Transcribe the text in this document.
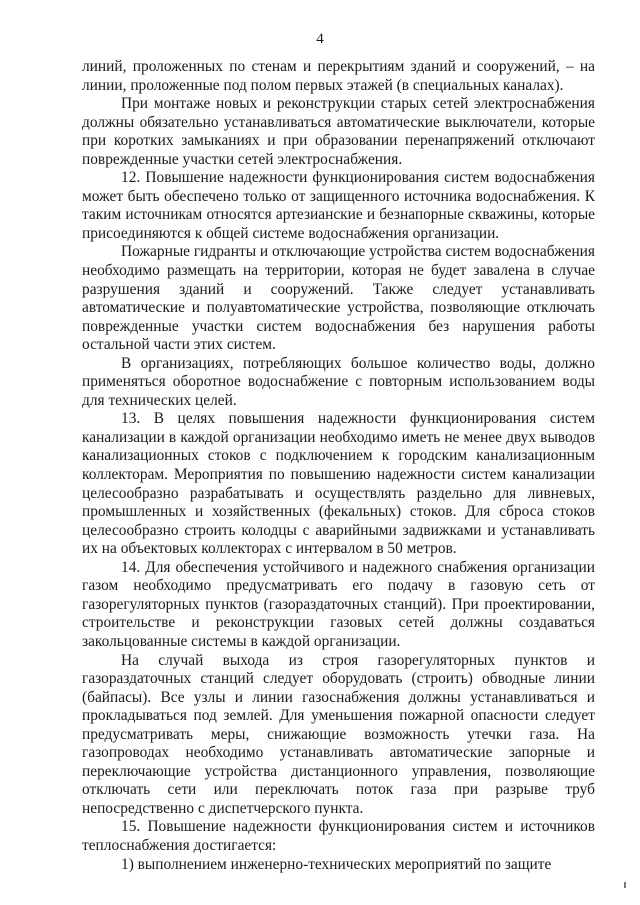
4

линий, проложенных по стенам и перекрытиям зданий и сооружений, – на линии, проложенные под полом первых этажей (в специальных каналах).

При монтаже новых и реконструкции старых сетей электроснабжения должны обязательно устанавливаться автоматические выключатели, которые при коротких замыканиях и при образовании перенапряжений отключают поврежденные участки сетей электроснабжения.

12. Повышение надежности функционирования систем водоснабжения может быть обеспечено только от защищенного источника водоснабжения. К таким источникам относятся артезианские и безнапорные скважины, которые присоединяются к общей системе водоснабжения организации.

Пожарные гидранты и отключающие устройства систем водоснабжения необходимо размещать на территории, которая не будет завалена в случае разрушения зданий и сооружений. Также следует устанавливать автоматические и полуавтоматические устройства, позволяющие отключать поврежденные участки систем водоснабжения без нарушения работы остальной части этих систем.

В организациях, потребляющих большое количество воды, должно применяться оборотное водоснабжение с повторным использованием воды для технических целей.

13. В целях повышения надежности функционирования систем канализации в каждой организации необходимо иметь не менее двух выводов канализационных стоков с подключением к городским канализационным коллекторам. Мероприятия по повышению надежности систем канализации целесообразно разрабатывать и осуществлять раздельно для ливневых, промышленных и хозяйственных (фекальных) стоков. Для сброса стоков целесообразно строить колодцы с аварийными задвижками и устанавливать их на объектовых коллекторах с интервалом в 50 метров.

14. Для обеспечения устойчивого и надежного снабжения организации газом необходимо предусматривать его подачу в газовую сеть от газорегуляторных пунктов (газораздаточных станций). При проектировании, строительстве и реконструкции газовых сетей должны создаваться закольцованные системы в каждой организации.

На случай выхода из строя газорегуляторных пунктов и газораздаточных станций следует оборудовать (строить) обводные линии (байпасы). Все узлы и линии газоснабжения должны устанавливаться и прокладываться под землей. Для уменьшения пожарной опасности следует предусматривать меры, снижающие возможность утечки газа. На газопроводах необходимо устанавливать автоматические запорные и переключающие устройства дистанционного управления, позволяющие отключать сети или переключать поток газа при разрыве труб непосредственно с диспетчерского пункта.

15. Повышение надежности функционирования систем и источников теплоснабжения достигается:

1) выполнением инженерно-технических мероприятий по защите
